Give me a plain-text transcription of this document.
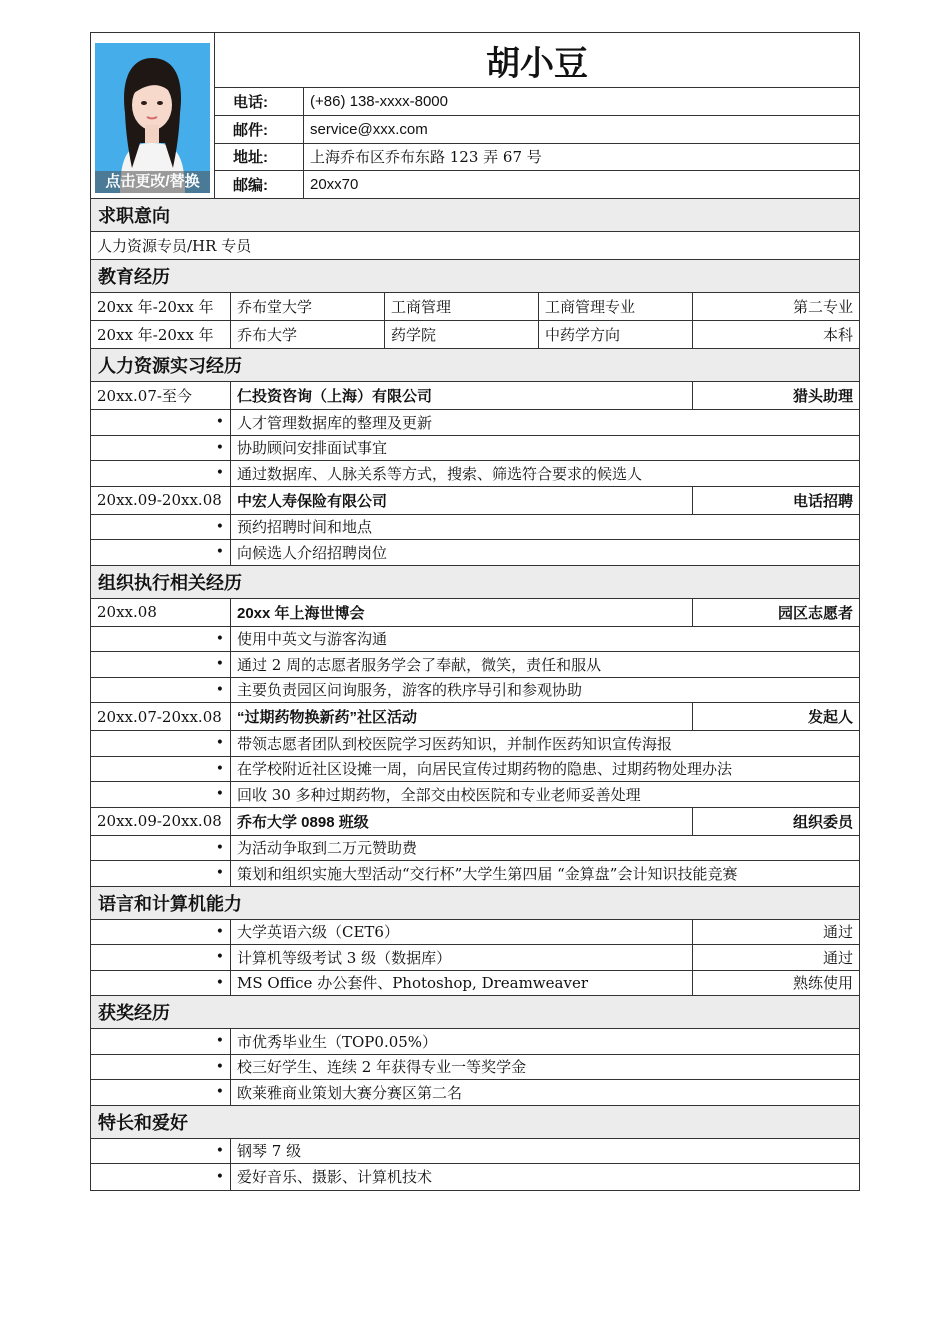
点击更改/替换
胡小豆
电话:	(+86) 138-xxxx-8000
邮件:	service@xxx.com
地址:	上海乔布区乔布东路 123 弄 67 号
邮编:	20xx70
求职意向
人力资源专员/HR 专员
教育经历
20xx 年-20xx 年	乔布堂大学	工商管理	工商管理专业	第二专业
20xx 年-20xx 年	乔布大学	药学院	中药学方向	本科
人力资源实习经历
20xx.07-至今	仁投资咨询（上海）有限公司	猎头助理
• 人才管理数据库的整理及更新
• 协助顾问安排面试事宜
• 通过数据库、人脉关系等方式，搜索、筛选符合要求的候选人
20xx.09-20xx.08	中宏人寿保险有限公司	电话招聘
• 预约招聘时间和地点
• 向候选人介绍招聘岗位
组织执行相关经历
20xx.08	20xx 年上海世博会	园区志愿者
• 使用中英文与游客沟通
• 通过 2 周的志愿者服务学会了奉献，微笑，责任和服从
• 主要负责园区问询服务，游客的秩序导引和参观协助
20xx.07-20xx.08	“过期药物换新药”社区活动	发起人
• 带领志愿者团队到校医院学习医药知识，并制作医药知识宣传海报
• 在学校附近社区设摊一周，向居民宣传过期药物的隐患、过期药物处理办法
• 回收 30 多种过期药物，全部交由校医院和专业老师妥善处理
20xx.09-20xx.08	乔布大学 0898 班级	组织委员
• 为活动争取到二万元赞助费
• 策划和组织实施大型活动“交行杯”大学生第四届 “金算盘”会计知识技能竞赛
语言和计算机能力
• 大学英语六级（CET6）	通过
• 计算机等级考试 3 级（数据库）	通过
• MS Office 办公套件、Photoshop, Dreamweaver	熟练使用
获奖经历
• 市优秀毕业生（TOP0.05%）
• 校三好学生、连续 2 年获得专业一等奖学金
• 欧莱雅商业策划大赛分赛区第二名
特长和爱好
• 钢琴 7 级
• 爱好音乐、摄影、计算机技术
